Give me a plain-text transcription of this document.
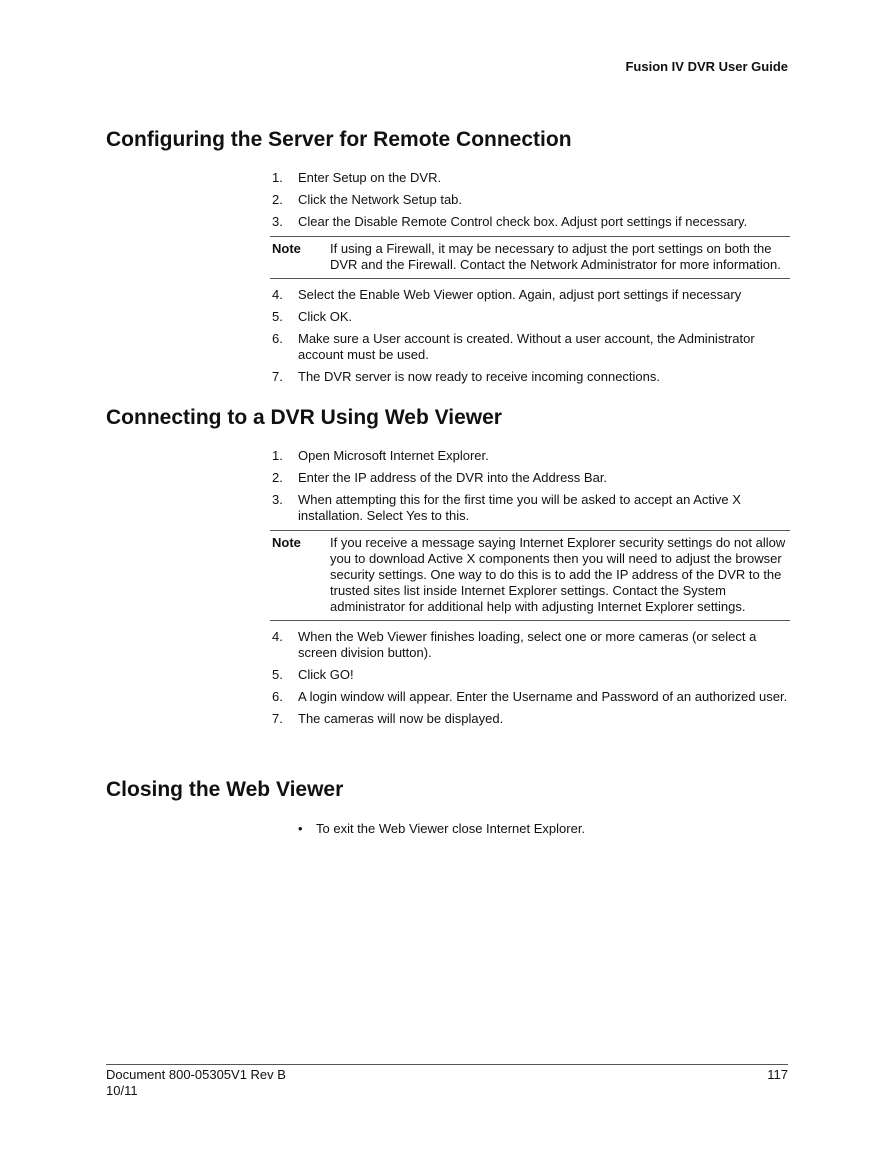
Fusion IV DVR User Guide
Configuring the Server for Remote Connection
1.	Enter Setup on the DVR.
2.	Click the Network Setup tab.
3.	Clear the Disable Remote Control check box. Adjust port settings if necessary.
Note	If using a Firewall, it may be necessary to adjust the port settings on both the DVR and the Firewall. Contact the Network Administrator for more information.
4.	Select the Enable Web Viewer option. Again, adjust port settings if necessary
5.	Click OK.
6.	Make sure a User account is created. Without a user account, the Administrator account must be used.
7.	The DVR server is now ready to receive incoming connections.
Connecting to a DVR Using Web Viewer
1.	Open Microsoft Internet Explorer.
2.	Enter the IP address of the DVR into the Address Bar.
3.	When attempting this for the first time you will be asked to accept an Active X installation. Select Yes to this.
Note	If you receive a message saying Internet Explorer security settings do not allow you to download Active X components then you will need to adjust the browser security settings. One way to do this is to add the IP address of the DVR to the trusted sites list inside Internet Explorer settings. Contact the System administrator for additional help with adjusting Internet Explorer settings.
4.	When the Web Viewer finishes loading, select one or more cameras (or select a screen division button).
5.	Click GO!
6.	A login window will appear. Enter the Username and Password of an authorized user.
7.	The cameras will now be displayed.
Closing the Web Viewer
•	To exit the Web Viewer close Internet Explorer.
Document 800-05305V1 Rev B
10/11
117
